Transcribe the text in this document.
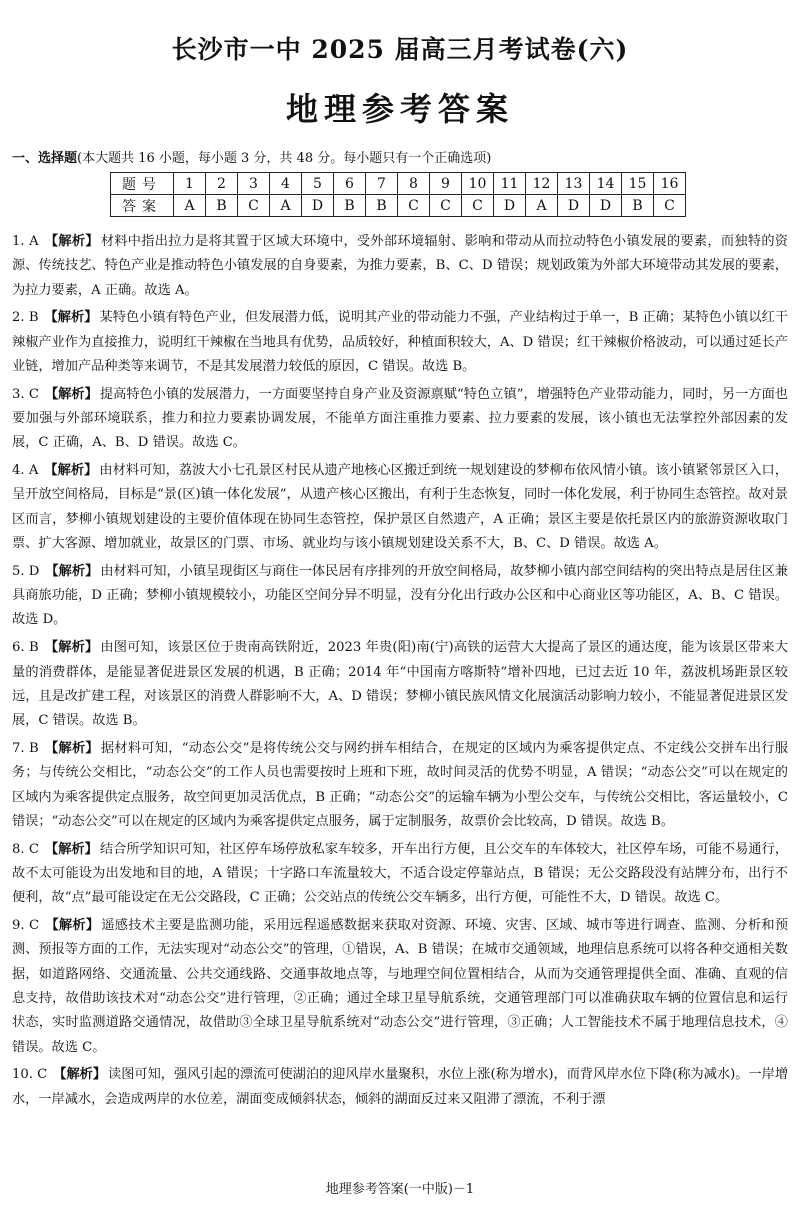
长沙市一中 2025 届高三月考试卷(六)
地理参考答案
一、选择题(本大题共 16 小题，每小题 3 分，共 48 分。每小题只有一个正确选项)
题号	1	2	3	4	5	6	7	8	9	10	11	12	13	14	15	16
答案	A	B	C	A	D	B	B	C	C	C	D	A	D	D	B	C

1. A 【解析】 材料中指出拉力是将其置于区域大环境中，受外部环境辐射、影响和带动从而拉动特色小镇发展的要素，而独特的资源、传统技艺、特色产业是推动特色小镇发展的自身要素，为推力要素，B、C、D 错误；规划政策为外部大环境带动其发展的要素，为拉力要素，A 正确。故选 A。

2. B 【解析】 某特色小镇有特色产业，但发展潜力低，说明其产业的带动能力不强，产业结构过于单一，B 正确；某特色小镇以红干辣椒产业作为直接推力，说明红干辣椒在当地具有优势，品质较好，种植面积较大，A、D 错误；红干辣椒价格波动，可以通过延长产业链，增加产品种类等来调节，不是其发展潜力较低的原因，C 错误。故选 B。

3. C 【解析】 提高特色小镇的发展潜力，一方面要坚持自身产业及资源禀赋“特色立镇”，增强特色产业带动能力，同时，另一方面也要加强与外部环境联系，推力和拉力要素协调发展，不能单方面注重推力要素、拉力要素的发展，该小镇也无法掌控外部因素的发展，C 正确，A、B、D 错误。故选 C。

4. A 【解析】 由材料可知，荔波大小七孔景区村民从遗产地核心区搬迁到统一规划建设的梦柳布依风情小镇。该小镇紧邻景区入口，呈开放空间格局，目标是“景(区)镇一体化发展”，从遗产核心区搬出，有利于生态恢复，同时一体化发展，利于协同生态管控。故对景区而言，梦柳小镇规划建设的主要价值体现在协同生态管控，保护景区自然遗产，A 正确；景区主要是依托景区内的旅游资源收取门票、扩大客源、增加就业，故景区的门票、市场、就业均与该小镇规划建设关系不大，B、C、D 错误。故选 A。

5. D 【解析】 由材料可知，小镇呈现街区与商住一体民居有序排列的开放空间格局，故梦柳小镇内部空间结构的突出特点是居住区兼具商旅功能，D 正确；梦柳小镇规模较小，功能区空间分异不明显，没有分化出行政办公区和中心商业区等功能区，A、B、C 错误。故选 D。

6. B 【解析】 由图可知，该景区位于贵南高铁附近，2023 年贵(阳)南(宁)高铁的运营大大提高了景区的通达度，能为该景区带来大量的消费群体，是能显著促进景区发展的机遇，B 正确；2014 年“中国南方喀斯特”增补四地，已过去近 10 年，荔波机场距景区较远，且是改扩建工程，对该景区的消费人群影响不大，A、D 错误；梦柳小镇民族风情文化展演活动影响力较小，不能显著促进景区发展，C 错误。故选 B。

7. B 【解析】 据材料可知，“动态公交”是将传统公交与网约拼车相结合，在规定的区域内为乘客提供定点、不定线公交拼车出行服务；与传统公交相比，“动态公交”的工作人员也需要按时上班和下班，故时间灵活的优势不明显，A 错误；“动态公交”可以在规定的区域内为乘客提供定点服务，故空间更加灵活优点，B 正确；“动态公交”的运输车辆为小型公交车，与传统公交相比，客运量较小，C 错误；“动态公交”可以在规定的区域内为乘客提供定点服务，属于定制服务，故票价会比较高，D 错误。故选 B。

8. C 【解析】 结合所学知识可知，社区停车场停放私家车较多，开车出行方便，且公交车的车体较大，社区停车场，可能不易通行，故不太可能设为出发地和目的地，A 错误；十字路口车流量较大，不适合设定停靠站点，B 错误；无公交路段没有站牌分布，出行不便利，故“点”最可能设定在无公交路段，C 正确；公交站点的传统公交车辆多，出行方便，可能性不大，D 错误。故选 C。

9. C 【解析】 遥感技术主要是监测功能，采用远程遥感数据来获取对资源、环境、灾害、区域、城市等进行调查、监测、分析和预测、预报等方面的工作，无法实现对“动态公交”的管理，①错误，A、B 错误；在城市交通领域，地理信息系统可以将各种交通相关数据，如道路网络、交通流量、公共交通线路、交通事故地点等，与地理空间位置相结合，从而为交通管理提供全面、准确、直观的信息支持，故借助该技术对“动态公交”进行管理，②正确；通过全球卫星导航系统，交通管理部门可以准确获取车辆的位置信息和运行状态，实时监测道路交通情况，故借助③全球卫星导航系统对“动态公交”进行管理，③正确；人工智能技术不属于地理信息技术，④错误。故选 C。

10. C 【解析】 读图可知，强风引起的漂流可使湖泊的迎风岸水量聚积，水位上涨(称为增水)，而背风岸水位下降(称为减水)。一岸增水，一岸减水，会造成两岸的水位差，湖面变成倾斜状态，倾斜的湖面反过来又阻滞了漂流，不利于漂

地理参考答案(一中版)－1
